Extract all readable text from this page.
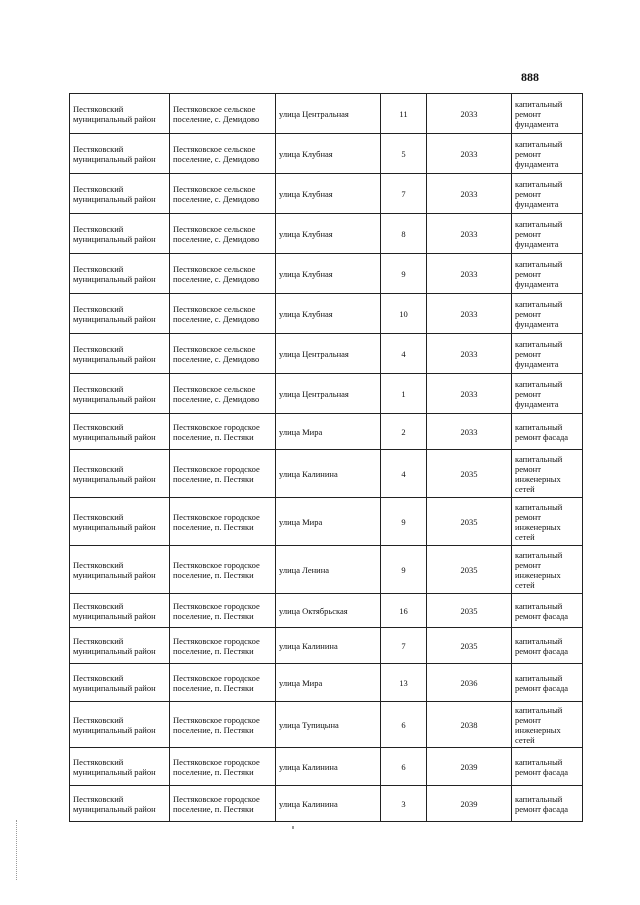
888
Пестяковский муниципальный район	Пестяковское сельское поселение, с. Демидово	улица Центральная	11	2033	капитальный ремонт фундамента
Пестяковский муниципальный район	Пестяковское сельское поселение, с. Демидово	улица Клубная	5	2033	капитальный ремонт фундамента
Пестяковский муниципальный район	Пестяковское сельское поселение, с. Демидово	улица Клубная	7	2033	капитальный ремонт фундамента
Пестяковский муниципальный район	Пестяковское сельское поселение, с. Демидово	улица Клубная	8	2033	капитальный ремонт фундамента
Пестяковский муниципальный район	Пестяковское сельское поселение, с. Демидово	улица Клубная	9	2033	капитальный ремонт фундамента
Пестяковский муниципальный район	Пестяковское сельское поселение, с. Демидово	улица Клубная	10	2033	капитальный ремонт фундамента
Пестяковский муниципальный район	Пестяковское сельское поселение, с. Демидово	улица Центральная	4	2033	капитальный ремонт фундамента
Пестяковский муниципальный район	Пестяковское сельское поселение, с. Демидово	улица Центральная	1	2033	капитальный ремонт фундамента
Пестяковский муниципальный район	Пестяковское городское поселение, п. Пестяки	улица Мира	2	2033	капитальный ремонт фасада
Пестяковский муниципальный район	Пестяковское городское поселение, п. Пестяки	улица Калинина	4	2035	капитальный ремонт инженерных сетей
Пестяковский муниципальный район	Пестяковское городское поселение, п. Пестяки	улица Мира	9	2035	капитальный ремонт инженерных сетей
Пестяковский муниципальный район	Пестяковское городское поселение, п. Пестяки	улица Ленина	9	2035	капитальный ремонт инженерных сетей
Пестяковский муниципальный район	Пестяковское городское поселение, п. Пестяки	улица Октябрьская	16	2035	капитальный ремонт фасада
Пестяковский муниципальный район	Пестяковское городское поселение, п. Пестяки	улица Калинина	7	2035	капитальный ремонт фасада
Пестяковский муниципальный район	Пестяковское городское поселение, п. Пестяки	улица Мира	13	2036	капитальный ремонт фасада
Пестяковский муниципальный район	Пестяковское городское поселение, п. Пестяки	улица Тупицына	6	2038	капитальный ремонт инженерных сетей
Пестяковский муниципальный район	Пестяковское городское поселение, п. Пестяки	улица Калинина	6	2039	капитальный ремонт фасада
Пестяковский муниципальный район	Пестяковское городское поселение, п. Пестяки	улица Калинина	3	2039	капитальный ремонт фасада
